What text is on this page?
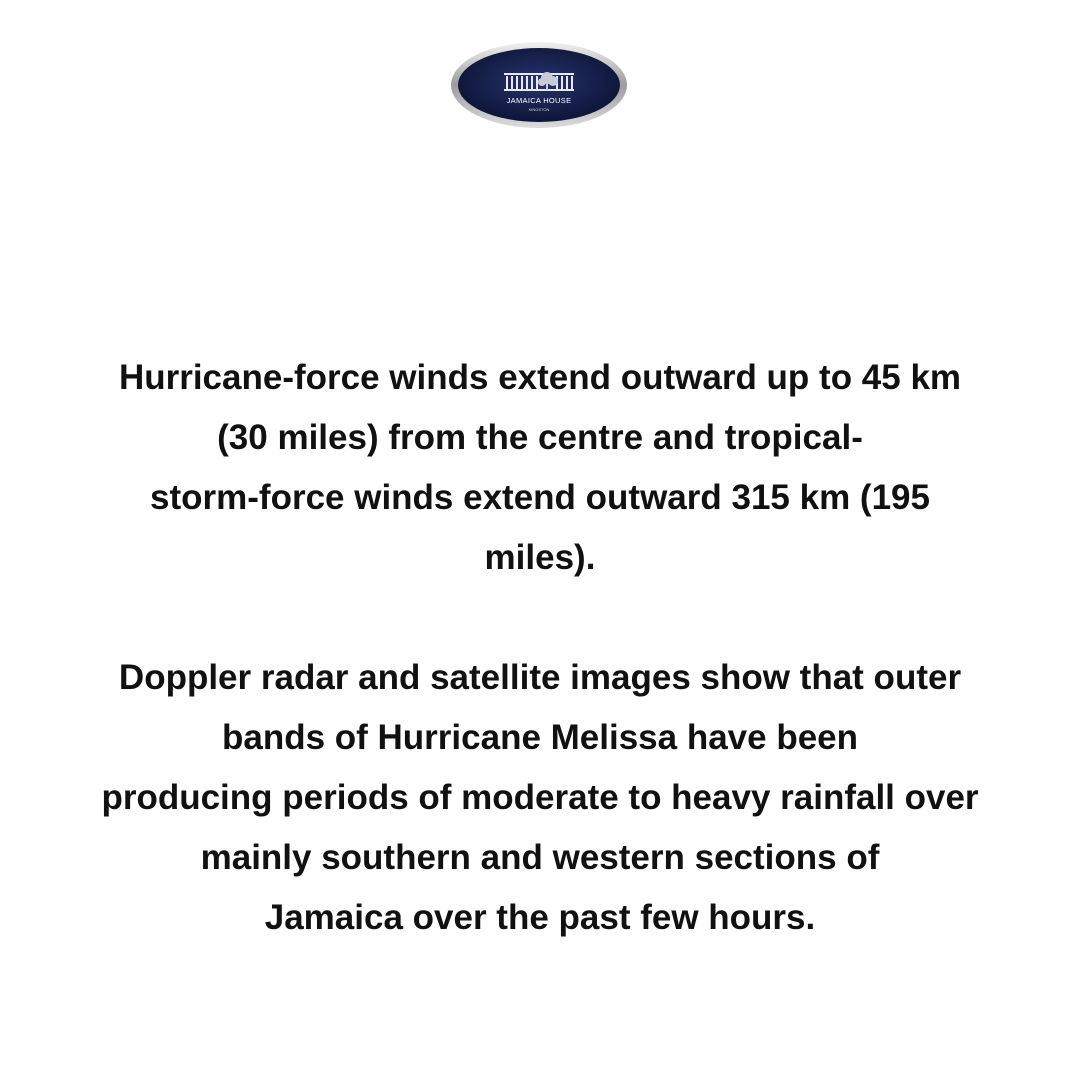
JAMAICA HOUSE
KINGSTON

Hurricane-force winds extend outward up to 45 km
(30 miles) from the centre and tropical-
storm-force winds extend outward 315 km (195
miles).

Doppler radar and satellite images show that outer
bands of Hurricane Melissa have been
producing periods of moderate to heavy rainfall over
mainly southern and western sections of
Jamaica over the past few hours.
